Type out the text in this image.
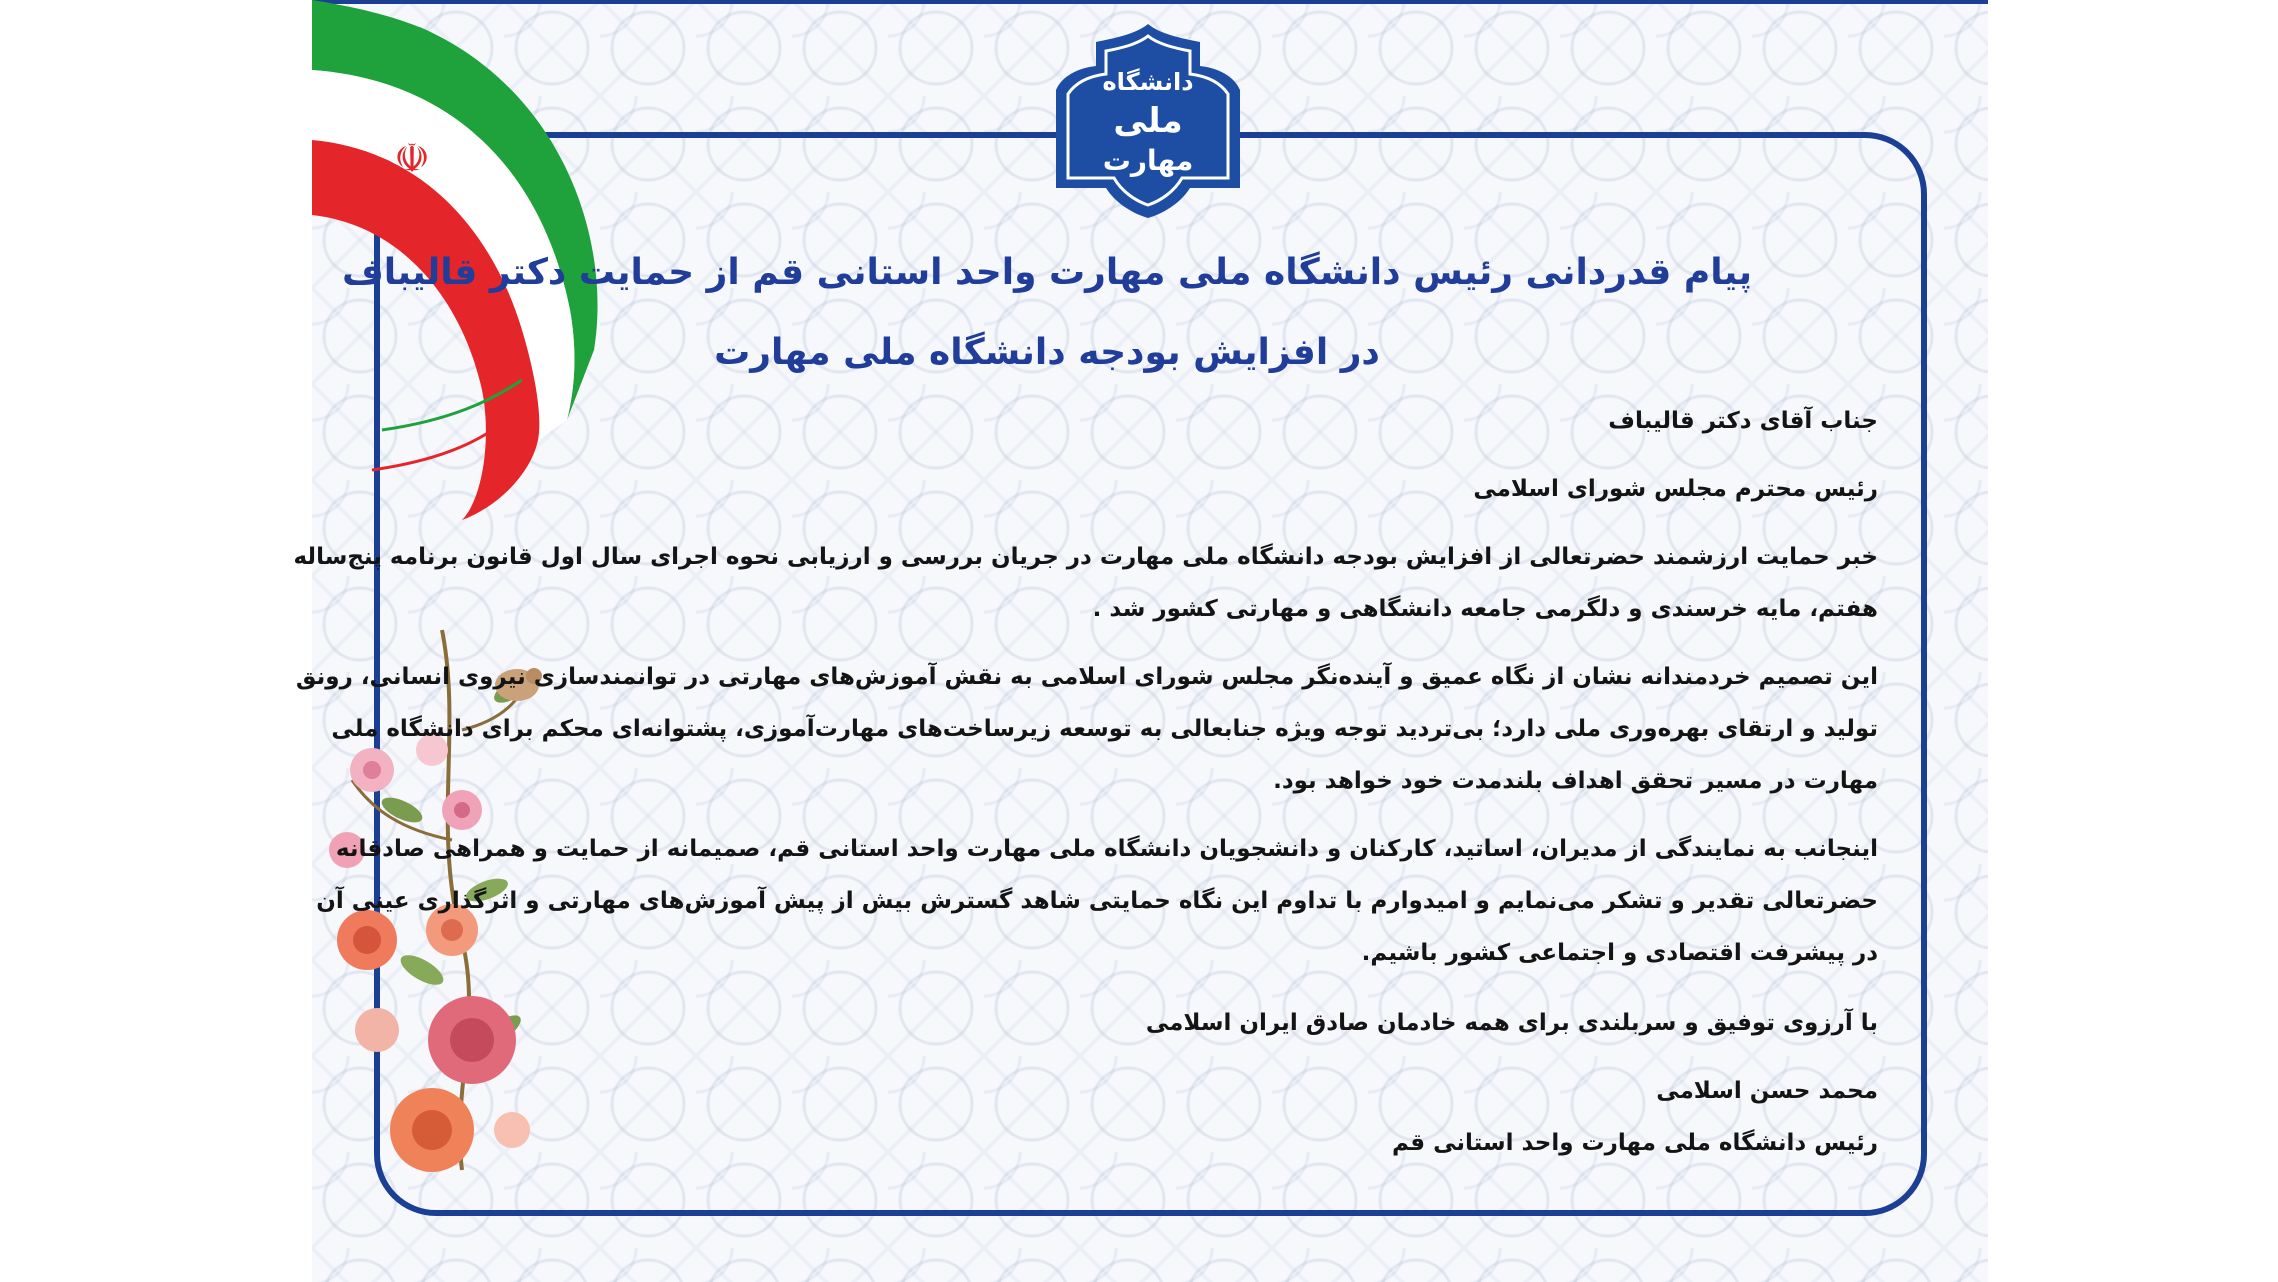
☫
دانشگاه
ملی
مهارت
پیام قدردانی رئیس دانشگاه ملی مهارت واحد استانی قم از حمایت دکتر قالیباف
در افزایش بودجه دانشگاه ملی مهارت
جناب آقای دکتر قالیباف
رئیس محترم مجلس شورای اسلامی
خبر حمایت ارزشمند حضرتعالی از افزایش بودجه دانشگاه ملی مهارت در جریان بررسی و ارزیابی نحوه اجرای سال اول قانون برنامه پنج‌ساله
هفتم، مایه خرسندی و دلگرمی جامعه دانشگاهی و مهارتی کشور شد .
این تصمیم خردمندانه نشان از نگاه عمیق و آینده‌نگر مجلس شورای اسلامی به نقش آموزش‌های مهارتی در توانمندسازی نیروی انسانی، رونق
تولید و ارتقای بهره‌وری ملی دارد؛ بی‌تردید توجه ویژه جنابعالی به توسعه زیرساخت‌های مهارت‌آموزی، پشتوانه‌ای محکم برای دانشگاه ملی
مهارت در مسیر تحقق اهداف بلندمدت خود خواهد بود.
اینجانب به نمایندگی از مدیران، اساتید، کارکنان و دانشجویان دانشگاه ملی مهارت واحد استانی قم، صمیمانه از حمایت و همراهی صادقانه
حضرتعالی تقدیر و تشکر می‌نمایم و امیدوارم با تداوم این نگاه حمایتی شاهد گسترش بیش از پیش آموزش‌های مهارتی و اثرگذاری عینی آن
در پیشرفت اقتصادی و اجتماعی کشور باشیم.
با آرزوی توفیق و سربلندی برای همه خادمان صادق ایران اسلامی
محمد حسن اسلامی
رئیس دانشگاه ملی مهارت واحد استانی قم
